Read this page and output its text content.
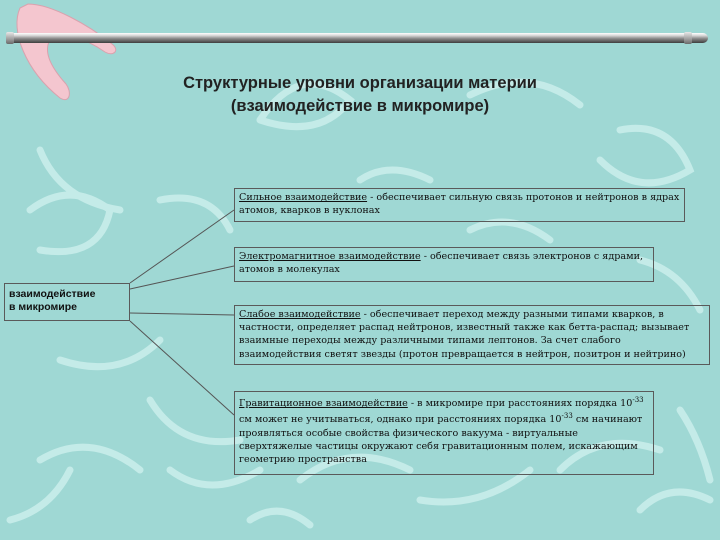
Структурные уровни организации материи
(взаимодействие в микромире)
взаимодействие
в микромире
Сильное взаимодействие - обеспечивает сильную связь протонов и нейтронов в ядрах атомов, кварков в нуклонах
Электромагнитное взаимодействие - обеспечивает связь электронов с ядрами, атомов в молекулах
Слабое взаимодействие - обеспечивает переход между разными типами кварков, в частности, определяет распад нейтронов, известный также как бетта-распад; вызывает взаимные переходы между различными типами лептонов. За счет слабого взаимодействия светят звезды (протон превращается в нейтрон, позитрон и нейтрино)
Гравитационное взаимодействие - в микромире при расстояниях порядка $10^{-33}$ см может не учитываться, однако при расстояниях порядка $10^{-33}$ см начинают проявляться особые свойства физического вакуума - виртуальные сверхтяжелые частицы окружают себя гравитационным полем, искажающим геометрию пространства
